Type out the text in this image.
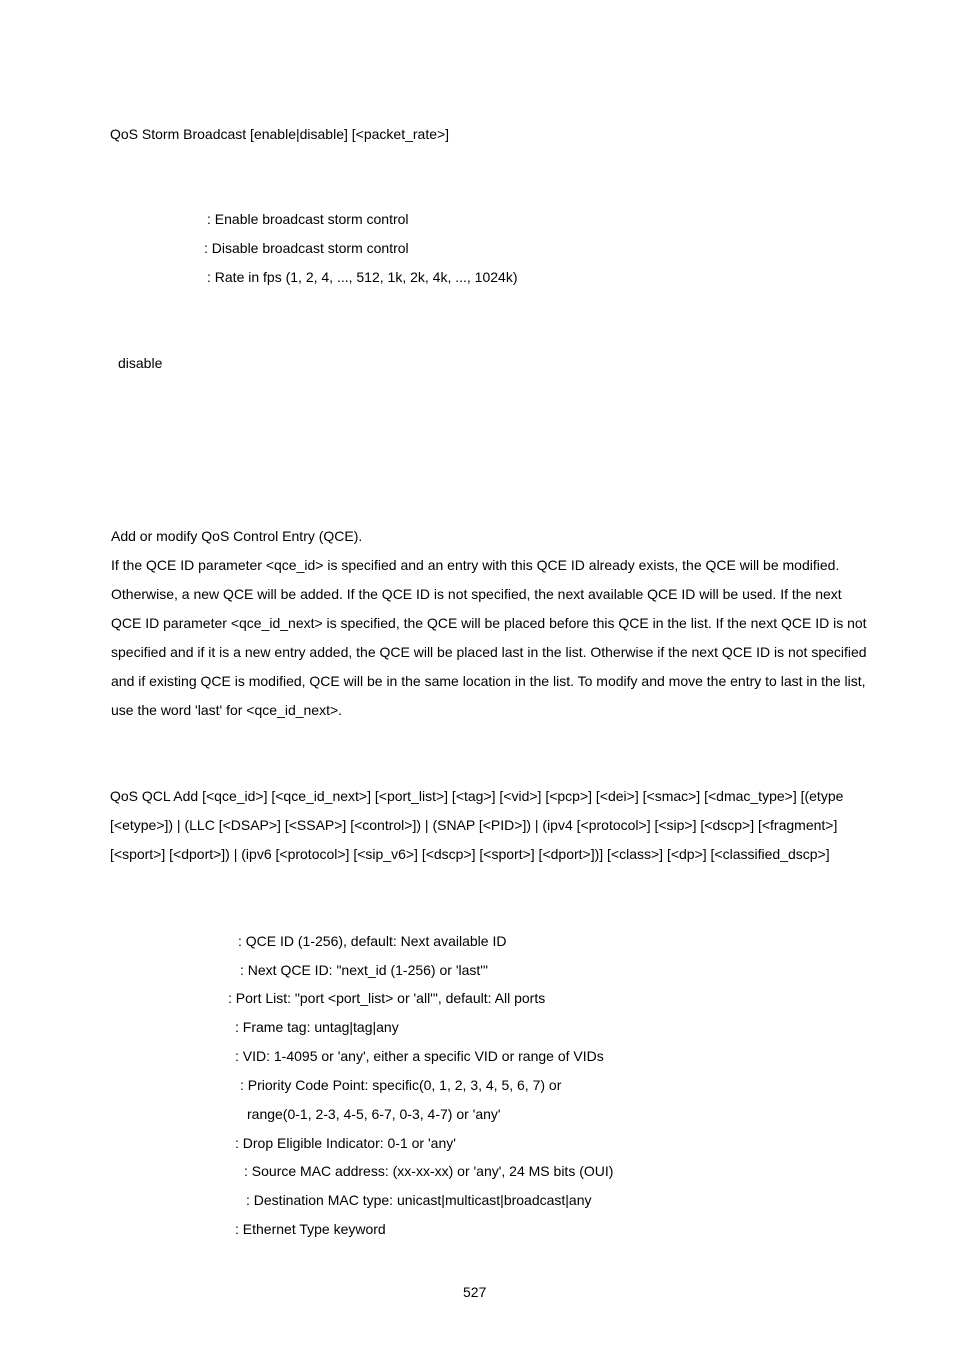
QoS Storm Broadcast [enable|disable] [<packet_rate>]
: Enable broadcast storm control
: Disable broadcast storm control
: Rate in fps (1, 2, 4, ..., 512, 1k, 2k, 4k, ..., 1024k)
disable
Add or modify QoS Control Entry (QCE).
If the QCE ID parameter <qce_id> is specified and an entry with this QCE ID already exists, the QCE will be modified.
Otherwise, a new QCE will be added. If the QCE ID is not specified, the next available QCE ID will be used. If the next
QCE ID parameter <qce_id_next> is specified, the QCE will be placed before this QCE in the list. If the next QCE ID is not
specified and if it is a new entry added, the QCE will be placed last in the list. Otherwise if the next QCE ID is not specified
and if existing QCE is modified, QCE will be in the same location in the list. To modify and move the entry to last in the list,
use the word 'last' for <qce_id_next>.
QoS QCL Add [<qce_id>] [<qce_id_next>] [<port_list>] [<tag>] [<vid>] [<pcp>] [<dei>] [<smac>] [<dmac_type>] [(etype
[<etype>]) | (LLC [<DSAP>] [<SSAP>] [<control>]) | (SNAP [<PID>]) | (ipv4 [<protocol>] [<sip>] [<dscp>] [<fragment>]
[<sport>] [<dport>]) | (ipv6 [<protocol>] [<sip_v6>] [<dscp>] [<sport>] [<dport>])] [<class>] [<dp>] [<classified_dscp>]
: QCE ID (1-256), default: Next available ID
: Next QCE ID: "next_id (1-256) or 'last'"
: Port List: "port <port_list> or 'all'", default: All ports
: Frame tag: untag|tag|any
: VID: 1-4095 or 'any', either a specific VID or range of VIDs
: Priority Code Point: specific(0, 1, 2, 3, 4, 5, 6, 7) or
range(0-1, 2-3, 4-5, 6-7, 0-3, 4-7) or 'any'
: Drop Eligible Indicator: 0-1 or 'any'
: Source MAC address: (xx-xx-xx) or 'any', 24 MS bits (OUI)
: Destination MAC type: unicast|multicast|broadcast|any
: Ethernet Type keyword
527
